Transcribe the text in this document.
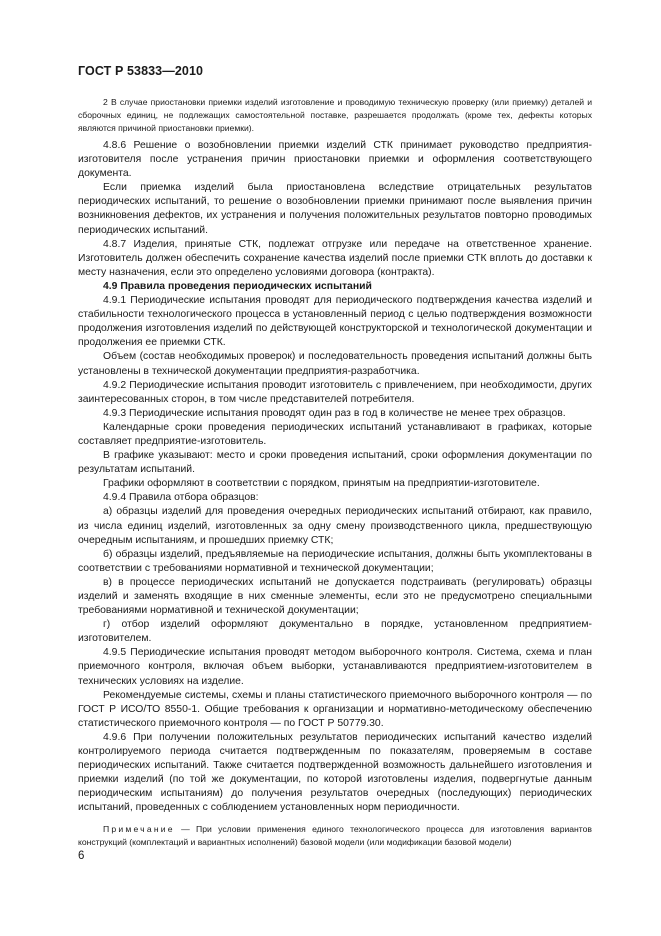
ГОСТ Р 53833—2010

2 В случае приостановки приемки изделий изготовление и проводимую техническую проверку (или приемку) деталей и сборочных единиц, не подлежащих самостоятельной поставке, разрешается продолжать (кроме тех, дефекты которых являются причиной приостановки приемки).

4.8.6 Решение о возобновлении приемки изделий СТК принимает руководство предприятия-изготовителя после устранения причин приостановки приемки и оформления соответствующего документа.

Если приемка изделий была приостановлена вследствие отрицательных результатов периодических испытаний, то решение о возобновлении приемки принимают после выявления причин возникновения дефектов, их устранения и получения положительных результатов повторно проводимых периодических испытаний.

4.8.7 Изделия, принятые СТК, подлежат отгрузке или передаче на ответственное хранение. Изготовитель должен обеспечить сохранение качества изделий после приемки СТК вплоть до доставки к месту назначения, если это определено условиями договора (контракта).

4.9 Правила проведения периодических испытаний

4.9.1 Периодические испытания проводят для периодического подтверждения качества изделий и стабильности технологического процесса в установленный период с целью подтверждения возможности продолжения изготовления изделий по действующей конструкторской и технологической документации и продолжения ее приемки СТК.

Объем (состав необходимых проверок) и последовательность проведения испытаний должны быть установлены в технической документации предприятия-разработчика.

4.9.2 Периодические испытания проводит изготовитель с привлечением, при необходимости, других заинтересованных сторон, в том числе представителей потребителя.

4.9.3 Периодические испытания проводят один раз в год в количестве не менее трех образцов.

Календарные сроки проведения периодических испытаний устанавливают в графиках, которые составляет предприятие-изготовитель.

В графике указывают: место и сроки проведения испытаний, сроки оформления документации по результатам испытаний.

Графики оформляют в соответствии с порядком, принятым на предприятии-изготовителе.

4.9.4 Правила отбора образцов:

а) образцы изделий для проведения очередных периодических испытаний отбирают, как правило, из числа единиц изделий, изготовленных за одну смену производственного цикла, предшествующую очередным испытаниям, и прошедших приемку СТК;

б) образцы изделий, предъявляемые на периодические испытания, должны быть укомплектованы в соответствии с требованиями нормативной и технической документации;

в) в процессе периодических испытаний не допускается подстраивать (регулировать) образцы изделий и заменять входящие в них сменные элементы, если это не предусмотрено специальными требованиями нормативной и технической документации;

г) отбор изделий оформляют документально в порядке, установленном предприятием-изготовителем.

4.9.5 Периодические испытания проводят методом выборочного контроля. Система, схема и план приемочного контроля, включая объем выборки, устанавливаются предприятием-изготовителем в технических условиях на изделие.

Рекомендуемые системы, схемы и планы статистического приемочного выборочного контроля — по ГОСТ Р ИСО/ТО 8550-1. Общие требования к организации и нормативно-методическому обеспечению статистического приемочного контроля — по ГОСТ Р 50779.30.

4.9.6 При получении положительных результатов периодических испытаний качество изделий контролируемого периода считается подтвержденным по показателям, проверяемым в составе периодических испытаний. Также считается подтвержденной возможность дальнейшего изготовления и приемки изделий (по той же документации, по которой изготовлены изделия, подвергнутые данным периодическим испытаниям) до получения результатов очередных (последующих) периодических испытаний, проведенных с соблюдением установленных норм периодичности.

Примечание — При условии применения единого технологического процесса для изготовления вариантов конструкций (комплектаций и вариантных исполнений) базовой модели (или модификации базовой модели)

6
